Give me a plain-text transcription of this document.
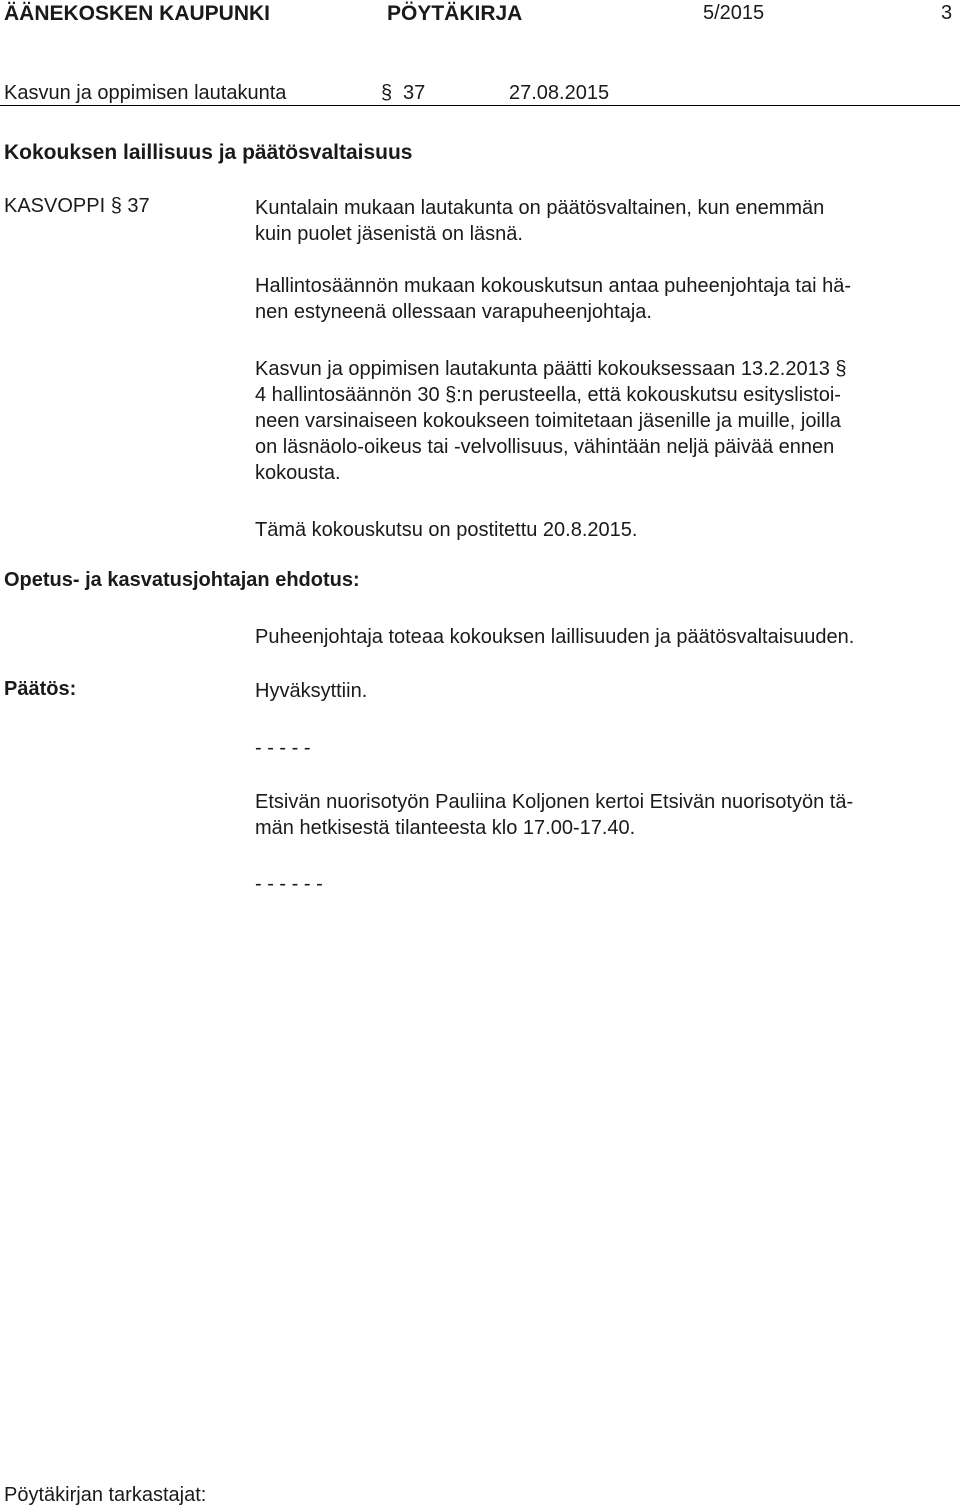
ÄÄNEKOSKEN KAUPUNKI	PÖYTÄKIRJA	5/2015	3
Kasvun ja oppimisen lautakunta	§ 37	27.08.2015
Kokouksen laillisuus ja päätösvaltaisuus
KASVOPPI § 37	Kuntalain mukaan lautakunta on päätösvaltainen, kun enemmän
kuin puolet jäsenistä on läsnä.
Hallintosäännön mukaan kokouskutsun antaa puheenjohtaja tai hä-
nen estyneenä ollessaan varapuheenjohtaja.
Kasvun ja oppimisen lautakunta päätti kokouksessaan 13.2.2013 §
4 hallintosäännön 30 §:n perusteella, että kokouskutsu esityslistoi-
neen varsinaiseen kokoukseen toimitetaan jäsenille ja muille, joilla
on läsnäolo-oikeus tai -velvollisuus, vähintään neljä päivää ennen
kokousta.
Tämä kokouskutsu on postitettu 20.8.2015.
Opetus- ja kasvatusjohtajan ehdotus:
Puheenjohtaja toteaa kokouksen laillisuuden ja päätösvaltaisuuden.
Päätös:	Hyväksyttiin.
- - - - -
Etsivän nuorisotyön Pauliina Koljonen kertoi Etsivän nuorisotyön tä-
män hetkisestä tilanteesta klo 17.00-17.40.
- - - - - -
Pöytäkirjan tarkastajat:
